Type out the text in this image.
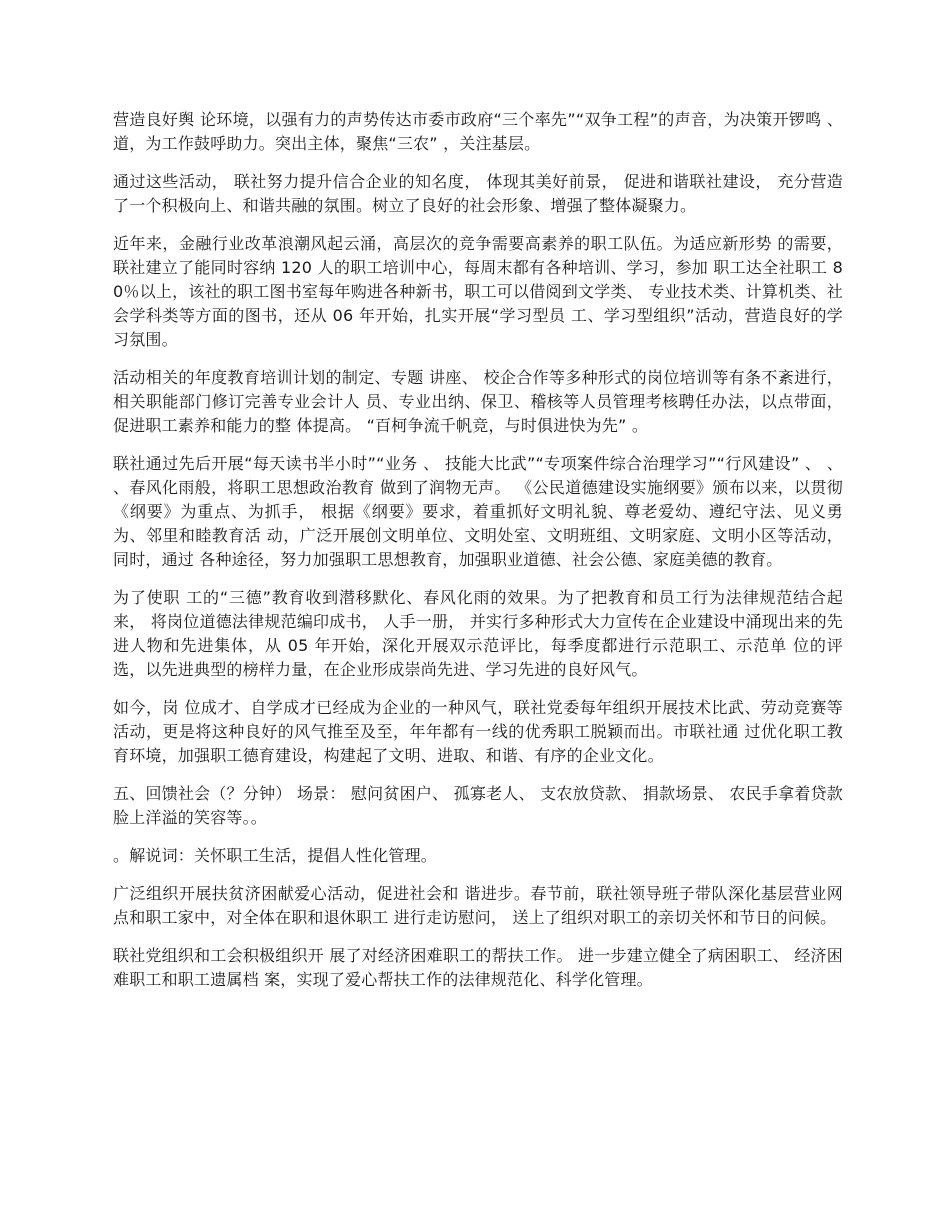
营造良好舆 论环境，以强有力的声势传达市委市政府“三个率先”“双争工程”的声音，为决策开锣鸣 、 道，为工作鼓呼助力。突出主体，聚焦“三农” ，关注基层。

通过这些活动， 联社努力提升信合企业的知名度， 体现其美好前景， 促进和谐联社建设， 充分营造了一个积极向上、和谐共融的氛围。树立了良好的社会形象、增强了整体凝聚力。

近年来，金融行业改革浪潮风起云涌，高层次的竞争需要高素养的职工队伍。为适应新形势 的需要，联社建立了能同时容纳 120 人的职工培训中心，每周末都有各种培训、学习，参加 职工达全社职工 80％以上，该社的职工图书室每年购进各种新书，职工可以借阅到文学类、 专业技术类、计算机类、社会学科类等方面的图书，还从 06 年开始，扎实开展“学习型员 工、学习型组织”活动，营造良好的学习氛围。

活动相关的年度教育培训计划的制定、专题 讲座、 校企合作等多种形式的岗位培训等有条不紊进行， 相关职能部门修订完善专业会计人 员、专业出纳、保卫、稽核等人员管理考核聘任办法，以点带面，促进职工素养和能力的整 体提高。 “百柯争流千帆竞，与时俱进快为先” 。

联社通过先后开展“每天读书半小时”“业务 、 技能大比武”“专项案件综合治理学习”“行风建设” 、 、 、春风化雨般，将职工思想政治教育 做到了润物无声。 《公民道德建设实施纲要》颁布以来，以贯彻《纲要》为重点、为抓手， 根据《纲要》要求，着重抓好文明礼貌、尊老爱幼、遵纪守法、见义勇为、邻里和睦教育活 动，广泛开展创文明单位、文明处室、文明班组、文明家庭、文明小区等活动，同时，通过 各种途径，努力加强职工思想教育，加强职业道德、社会公德、家庭美德的教育。

为了使职 工的“三德”教育收到潜移默化、春风化雨的效果。为了把教育和员工行为法律规范结合起来， 将岗位道德法律规范编印成书， 人手一册， 并实行多种形式大力宣传在企业建设中涌现出来的先 进人物和先进集体，从 05 年开始，深化开展双示范评比，每季度都进行示范职工、示范单 位的评选，以先进典型的榜样力量，在企业形成崇尚先进、学习先进的良好风气。

如今，岗 位成才、自学成才已经成为企业的一种风气，联社党委每年组织开展技术比武、劳动竞赛等 活动，更是将这种良好的风气推至及至，年年都有一线的优秀职工脱颖而出。市联社通 过优化职工教育环境，加强职工德育建设，构建起了文明、进取、和谐、有序的企业文化。

五、回馈社会（？分钟） 场景： 慰问贫困户、 孤寡老人、 支农放贷款、 捐款场景、 农民手拿着贷款脸上洋溢的笑容等。。

。解说词：关怀职工生活，提倡人性化管理。

广泛组织开展扶贫济困献爱心活动，促进社会和 谐进步。春节前，联社领导班子带队深化基层营业网点和职工家中，对全体在职和退休职工 进行走访慰问， 送上了组织对职工的亲切关怀和节日的问候。

联社党组织和工会积极组织开 展了对经济困难职工的帮扶工作。 进一步建立健全了病困职工、 经济困难职工和职工遗属档 案，实现了爱心帮扶工作的法律规范化、科学化管理。
